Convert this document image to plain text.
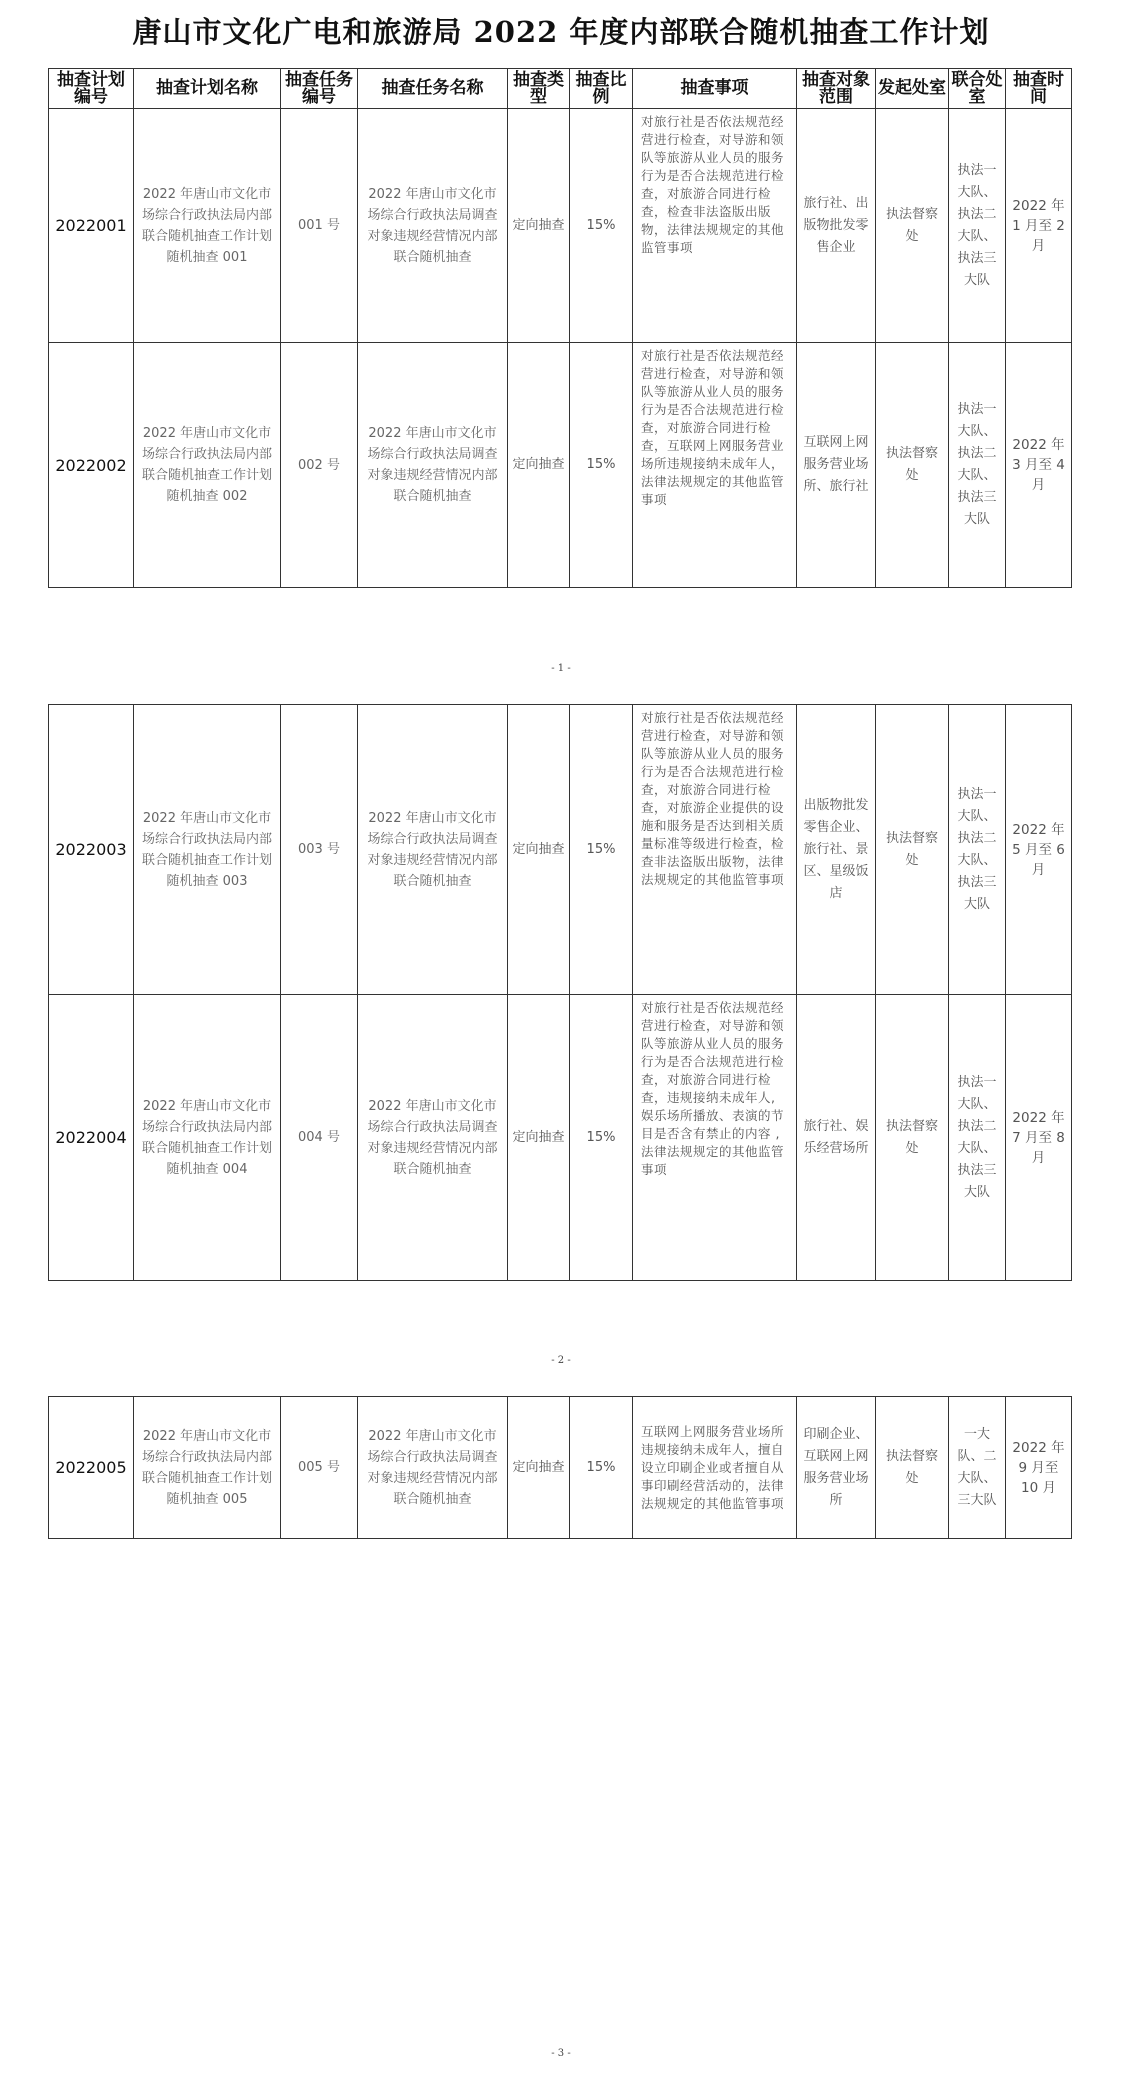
唐山市文化广电和旅游局 2022 年度内部联合随机抽查工作计划
抽查计划编号	抽查计划名称	抽查任务编号	抽查任务名称	抽查类型	抽查比例	抽查事项	抽查对象范围	发起处室	联合处室	抽查时间
2022001	2022 年唐山市文化市场综合行政执法局内部联合随机抽查工作计划随机抽查 001	001 号	2022 年唐山市文化市场综合行政执法局调查对象违规经营情况内部联合随机抽查	定向抽查	15%	对旅行社是否依法规范经营进行检查，对导游和领队等旅游从业人员的服务行为是否合法规范进行检查，对旅游合同进行检查，检查非法盗版出版物，法律法规规定的其他监管事项	旅行社、出版物批发零售企业	执法督察处	执法一大队、执法二大队、执法三大队	2022 年 1 月至 2 月
2022002	2022 年唐山市文化市场综合行政执法局内部联合随机抽查工作计划随机抽查 002	002 号	2022 年唐山市文化市场综合行政执法局调查对象违规经营情况内部联合随机抽查	定向抽查	15%	对旅行社是否依法规范经营进行检查，对导游和领队等旅游从业人员的服务行为是否合法规范进行检查，对旅游合同进行检查，互联网上网服务营业场所违规接纳未成年人，法律法规规定的其他监管事项	互联网上网服务营业场所、旅行社	执法督察处	执法一大队、执法二大队、执法三大队	2022 年 3 月至 4 月
- 1 -
2022003	2022 年唐山市文化市场综合行政执法局内部联合随机抽查工作计划随机抽查 003	003 号	2022 年唐山市文化市场综合行政执法局调查对象违规经营情况内部联合随机抽查	定向抽查	15%	对旅行社是否依法规范经营进行检查，对导游和领队等旅游从业人员的服务行为是否合法规范进行检查，对旅游合同进行检查，对旅游企业提供的设施和服务是否达到相关质量标准等级进行检查，检查非法盗版出版物，法律法规规定的其他监管事项	出版物批发零售企业、旅行社、景区、星级饭店	执法督察处	执法一大队、执法二大队、执法三大队	2022 年 5 月至 6 月
2022004	2022 年唐山市文化市场综合行政执法局内部联合随机抽查工作计划随机抽查 004	004 号	2022 年唐山市文化市场综合行政执法局调查对象违规经营情况内部联合随机抽查	定向抽查	15%	对旅行社是否依法规范经营进行检查，对导游和领队等旅游从业人员的服务行为是否合法规范进行检查，对旅游合同进行检查，违规接纳未成年人,娱乐场所播放、表演的节目是否含有禁止的内容 ,法律法规规定的其他监管事项	旅行社、娱乐经营场所	执法督察处	执法一大队、执法二大队、执法三大队	2022 年 7 月至 8 月
- 2 -
2022005	2022 年唐山市文化市场综合行政执法局内部联合随机抽查工作计划随机抽查 005	005 号	2022 年唐山市文化市场综合行政执法局调查对象违规经营情况内部联合随机抽查	定向抽查	15%	互联网上网服务营业场所违规接纳未成年人，擅自设立印刷企业或者擅自从事印刷经营活动的，法律法规规定的其他监管事项	印刷企业、互联网上网服务营业场所	执法督察处	一大队、二大队、三大队	2022 年 9 月至 10 月
- 3 -
